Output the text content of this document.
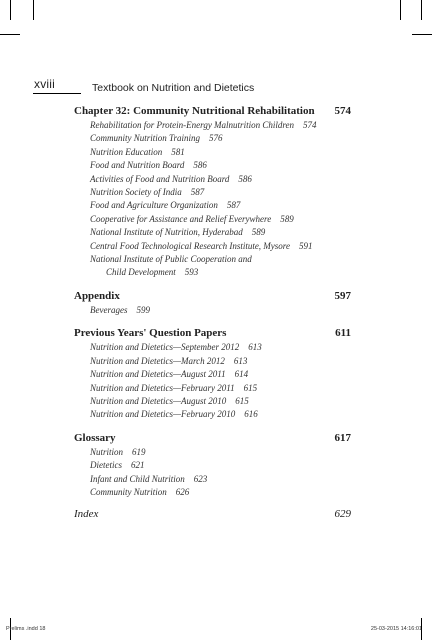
xviii	Textbook on Nutrition and Dietetics
Chapter 32: Community Nutritional Rehabilitation 574
Rehabilitation for Protein-Energy Malnutrition Children 574
Community Nutrition Training 576
Nutrition Education 581
Food and Nutrition Board 586
Activities of Food and Nutrition Board 586
Nutrition Society of India 587
Food and Agriculture Organization 587
Cooperative for Assistance and Relief Everywhere 589
National Institute of Nutrition, Hyderabad 589
Central Food Technological Research Institute, Mysore 591
National Institute of Public Cooperation and
Child Development 593
Appendix	597
Beverages 599
Previous Years' Question Papers	611
Nutrition and Dietetics—September 2012 613
Nutrition and Dietetics—March 2012 613
Nutrition and Dietetics—August 2011 614
Nutrition and Dietetics—February 2011 615
Nutrition and Dietetics—August 2010 615
Nutrition and Dietetics—February 2010 616
Glossary	617
Nutrition 619
Dietetics 621
Infant and Child Nutrition 623
Community Nutrition 626
Index	629
Prelims .indd 18	25-03-2015 14:16:01
